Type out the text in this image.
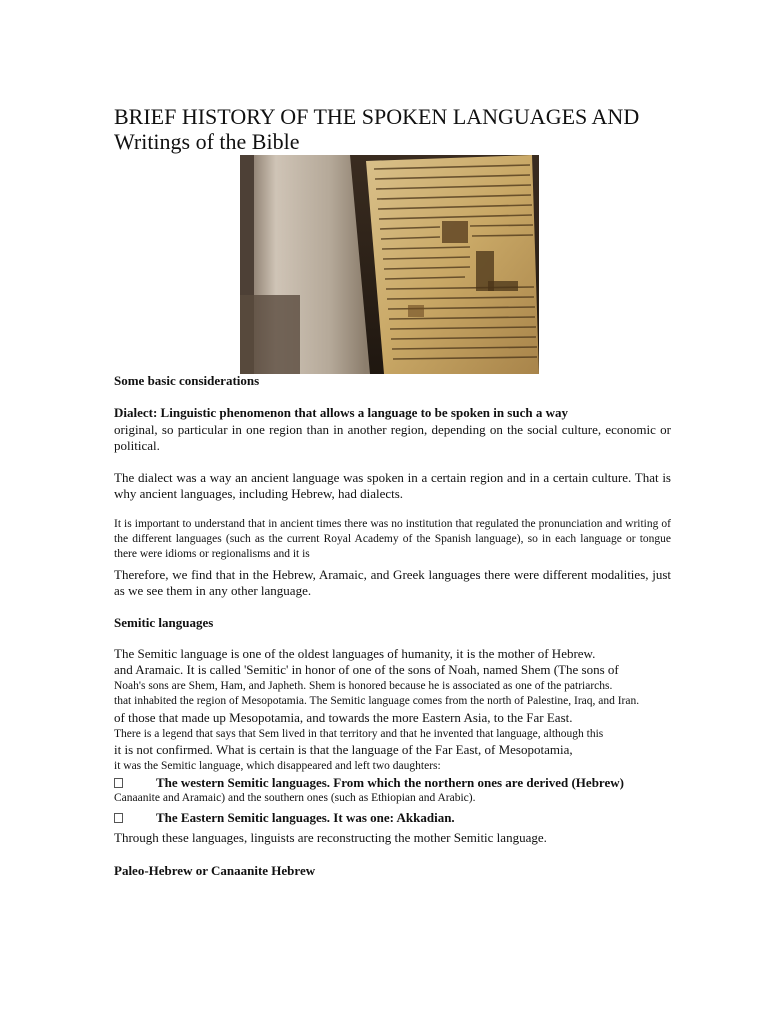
BRIEF HISTORY OF THE SPOKEN LANGUAGES AND Writings of the Bible

Some basic considerations

Dialect: Linguistic phenomenon that allows a language to be spoken in such a way

original, so particular in one region than in another region, depending on the social culture, economic or political.

The dialect was a way an ancient language was spoken in a certain region and in a certain culture. That is why ancient languages, including Hebrew, had dialects.

It is important to understand that in ancient times there was no institution that regulated the pronunciation and writing of the different languages (such as the current Royal Academy of the Spanish language), so in each language or tongue there were idioms or regionalisms and it is

Therefore, we find that in the Hebrew, Aramaic, and Greek languages there were different modalities, just as we see them in any other language.

Semitic languages

The Semitic language is one of the oldest languages of humanity, it is the mother of Hebrew.
and Aramaic. It is called 'Semitic' in honor of one of the sons of Noah, named Shem (The sons of
Noah's sons are Shem, Ham, and Japheth. Shem is honored because he is associated as one of the patriarchs.
that inhabited the region of Mesopotamia. The Semitic language comes from the north of Palestine, Iraq, and Iran.
of those that made up Mesopotamia, and towards the more Eastern Asia, to the Far East.
There is a legend that says that Sem lived in that territory and that he invented that language, although this
it is not confirmed. What is certain is that the language of the Far East, of Mesopotamia,
it was the Semitic language, which disappeared and left two daughters:
The western Semitic languages. From which the northern ones are derived (Hebrew)
Canaanite and Aramaic) and the southern ones (such as Ethiopian and Arabic).
The Eastern Semitic languages. It was one: Akkadian.
Through these languages, linguists are reconstructing the mother Semitic language.

Paleo-Hebrew or Canaanite Hebrew
